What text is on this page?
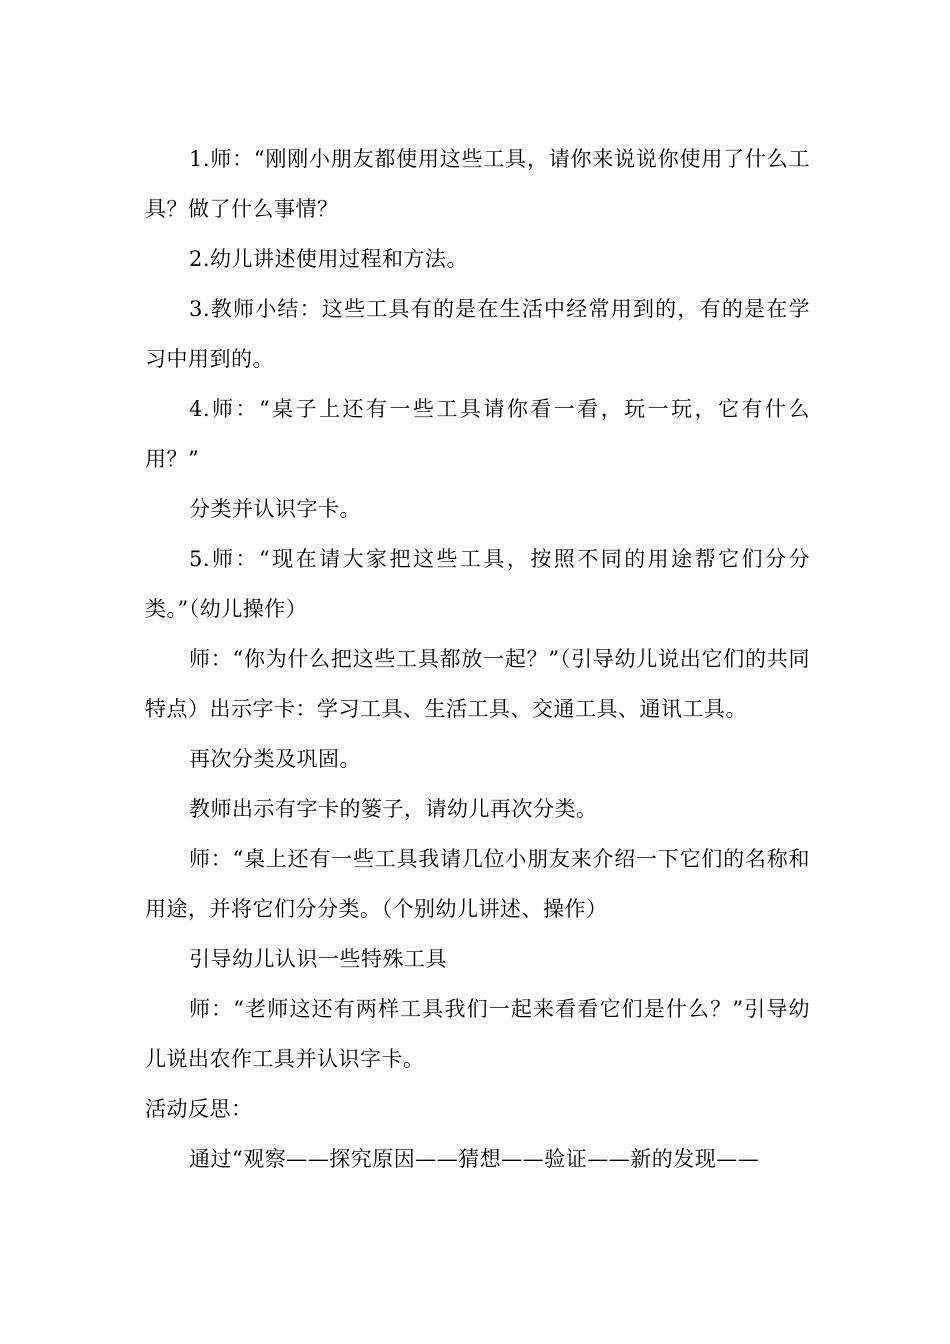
1.师：“刚刚小朋友都使用这些工具，请你来说说你使用了什么工具？做了什么事情？

2.幼儿讲述使用过程和方法。

3.教师小结：这些工具有的是在生活中经常用到的，有的是在学习中用到的。

4.师：“桌子上还有一些工具请你看一看，玩一玩，它有什么用？”

分类并认识字卡。

5.师：“现在请大家把这些工具，按照不同的用途帮它们分分类。”（幼儿操作）

师：“你为什么把这些工具都放一起？”（引导幼儿说出它们的共同特点）出示字卡：学习工具、生活工具、交通工具、通讯工具。

再次分类及巩固。

教师出示有字卡的篓子，请幼儿再次分类。

师：“桌上还有一些工具我请几位小朋友来介绍一下它们的名称和用途，并将它们分分类。（个别幼儿讲述、操作）

引导幼儿认识一些特殊工具

师：“老师这还有两样工具我们一起来看看它们是什么？”引导幼儿说出农作工具并认识字卡。

活动反思：

通过“观察——探究原因——猜想——验证——新的发现——
